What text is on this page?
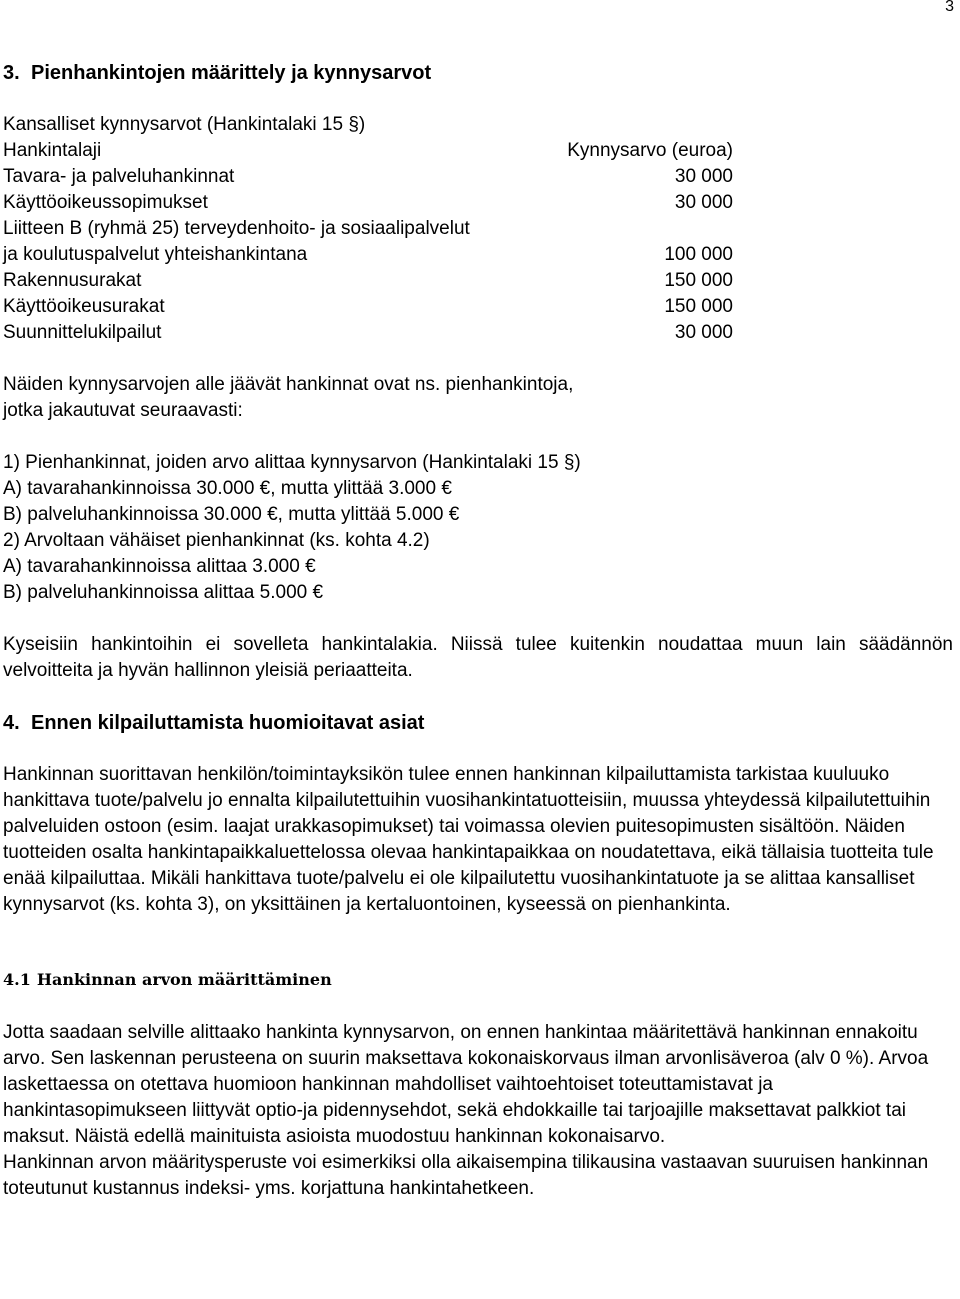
3
3. Pienhankintojen määrittely ja kynnysarvot
Kansalliset kynnysarvot (Hankintalaki 15 §)
Hankintalaji	Kynnysarvo (euroa)
Tavara- ja palveluhankinnat	30 000
Käyttöoikeussopimukset	30 000
Liitteen B (ryhmä 25) terveydenhoito- ja sosiaalipalvelut
ja koulutuspalvelut yhteishankintana	100 000
Rakennusurakat	150 000
Käyttöoikeusurakat	150 000
Suunnittelukilpailut	30 000
Näiden kynnysarvojen alle jäävät hankinnat ovat ns. pienhankintoja,
jotka jakautuvat seuraavasti:
1) Pienhankinnat, joiden arvo alittaa kynnysarvon (Hankintalaki 15 §)
A) tavarahankinnoissa 30.000 €, mutta ylittää 3.000 €
B) palveluhankinnoissa 30.000 €, mutta ylittää 5.000 €
2) Arvoltaan vähäiset pienhankinnat (ks. kohta 4.2)
A) tavarahankinnoissa alittaa 3.000 €
B) palveluhankinnoissa alittaa 5.000 €
Kyseisiin hankintoihin ei sovelleta hankintalakia. Niissä tulee kuitenkin noudattaa muun lain säädännön velvoitteita ja hyvän hallinnon yleisiä periaatteita.
4. Ennen kilpailuttamista huomioitavat asiat
Hankinnan suorittavan henkilön/toimintayksikön tulee ennen hankinnan kilpailuttamista tarkistaa kuuluuko hankittava tuote/palvelu jo ennalta kilpailutettuihin vuosihankintatuotteisiin, muussa yhteydessä kilpailutettuihin palveluiden ostoon (esim. laajat urakkasopimukset) tai voimassa olevien puitesopimusten sisältöön. Näiden tuotteiden osalta hankintapaikkaluettelossa olevaa hankintapaikkaa on noudatettava, eikä tällaisia tuotteita tule enää kilpailuttaa. Mikäli hankittava tuote/palvelu ei ole kilpailutettu vuosihankintatuote ja se alittaa kansalliset kynnysarvot (ks. kohta 3), on yksittäinen ja kertaluontoinen, kyseessä on pienhankinta.
4.1 Hankinnan arvon määrittäminen
Jotta saadaan selville alittaako hankinta kynnysarvon, on ennen hankintaa määritettävä hankinnan ennakoitu arvo. Sen laskennan perusteena on suurin maksettava kokonaiskorvaus ilman arvonlisäveroa (alv 0 %). Arvoa laskettaessa on otettava huomioon hankinnan mahdolliset vaihtoehtoiset toteuttamistavat ja hankintasopimukseen liittyvät optio-ja pidennysehdot, sekä ehdokkaille tai tarjoajille maksettavat palkkiot tai maksut. Näistä edellä mainituista asioista muodostuu hankinnan kokonaisarvo.
Hankinnan arvon määritysperuste voi esimerkiksi olla aikaisempina tilikausina vastaavan suuruisen hankinnan toteutunut kustannus indeksi- yms. korjattuna hankintahetkeen.
